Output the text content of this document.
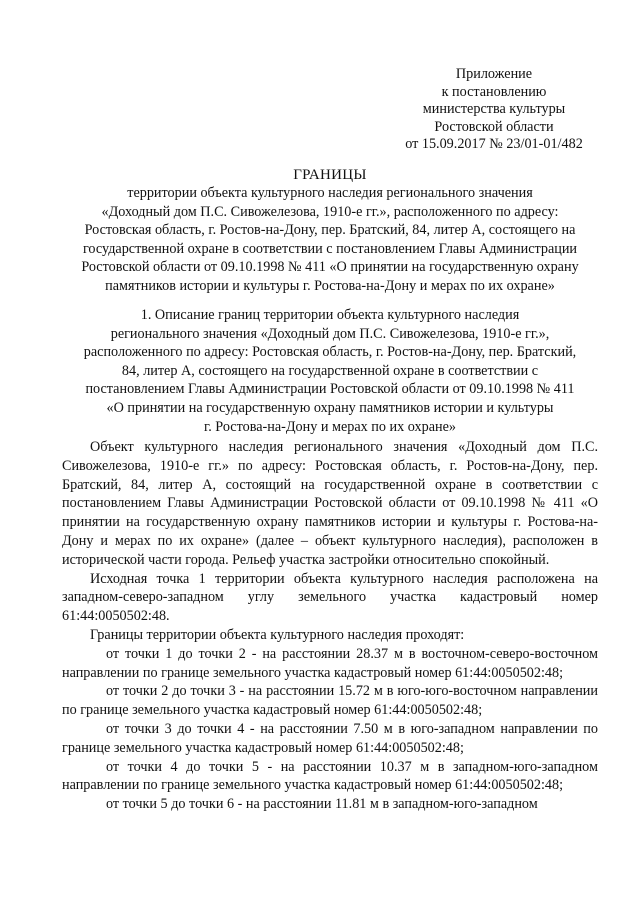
Приложение
к постановлению
министерства культуры
Ростовской области
от 15.09.2017 № 23/01-01/482
ГРАНИЦЫ
территории объекта культурного наследия регионального значения
«Доходный дом П.С. Сивожелезова, 1910-е гг.», расположенного по адресу:
Ростовская область, г. Ростов-на-Дону, пер. Братский, 84, литер А, состоящего на
государственной охране в соответствии с постановлением Главы Администрации
Ростовской области от 09.10.1998 № 411 «О принятии на государственную охрану
памятников истории и культуры г. Ростова-на-Дону и мерах по их охране»
1. Описание границ территории объекта культурного наследия
регионального значения «Доходный дом П.С. Сивожелезова, 1910-е гг.»,
расположенного по адресу: Ростовская область, г. Ростов-на-Дону, пер. Братский,
84, литер А, состоящего на государственной охране в соответствии с
постановлением Главы Администрации Ростовской области от 09.10.1998 № 411
«О принятии на государственную охрану памятников истории и культуры
г. Ростова-на-Дону и мерах по их охране»

Объект культурного наследия регионального значения «Доходный дом П.С. Сивожелезова, 1910-е гг.» по адресу: Ростовская область, г. Ростов-на-Дону, пер. Братский, 84, литер А, состоящий на государственной охране в соответствии с постановлением Главы Администрации Ростовской области от 09.10.1998 № 411 «О принятии на государственную охрану памятников истории и культуры г. Ростова-на-Дону и мерах по их охране» (далее – объект культурного наследия), расположен в исторической части города. Рельеф участка застройки относительно спокойный.

Исходная точка 1 территории объекта культурного наследия расположена на западном-северо-западном углу земельного участка кадастровый номер 61:44:0050502:48.

Границы территории объекта культурного наследия проходят:

от точки 1 до точки 2 - на расстоянии 28.37 м в восточном-северо-восточном направлении по границе земельного участка кадастровый номер 61:44:0050502:48;

от точки 2 до точки 3 - на расстоянии 15.72 м в юго-юго-восточном направлении по границе земельного участка кадастровый номер 61:44:0050502:48;

от точки 3 до точки 4 - на расстоянии 7.50 м в юго-западном направлении по границе земельного участка кадастровый номер 61:44:0050502:48;

от точки 4 до точки 5 - на расстоянии 10.37 м в западном-юго-западном направлении по границе земельного участка кадастровый номер 61:44:0050502:48;

от точки 5 до точки 6 - на расстоянии 11.81 м в западном-юго-западном
